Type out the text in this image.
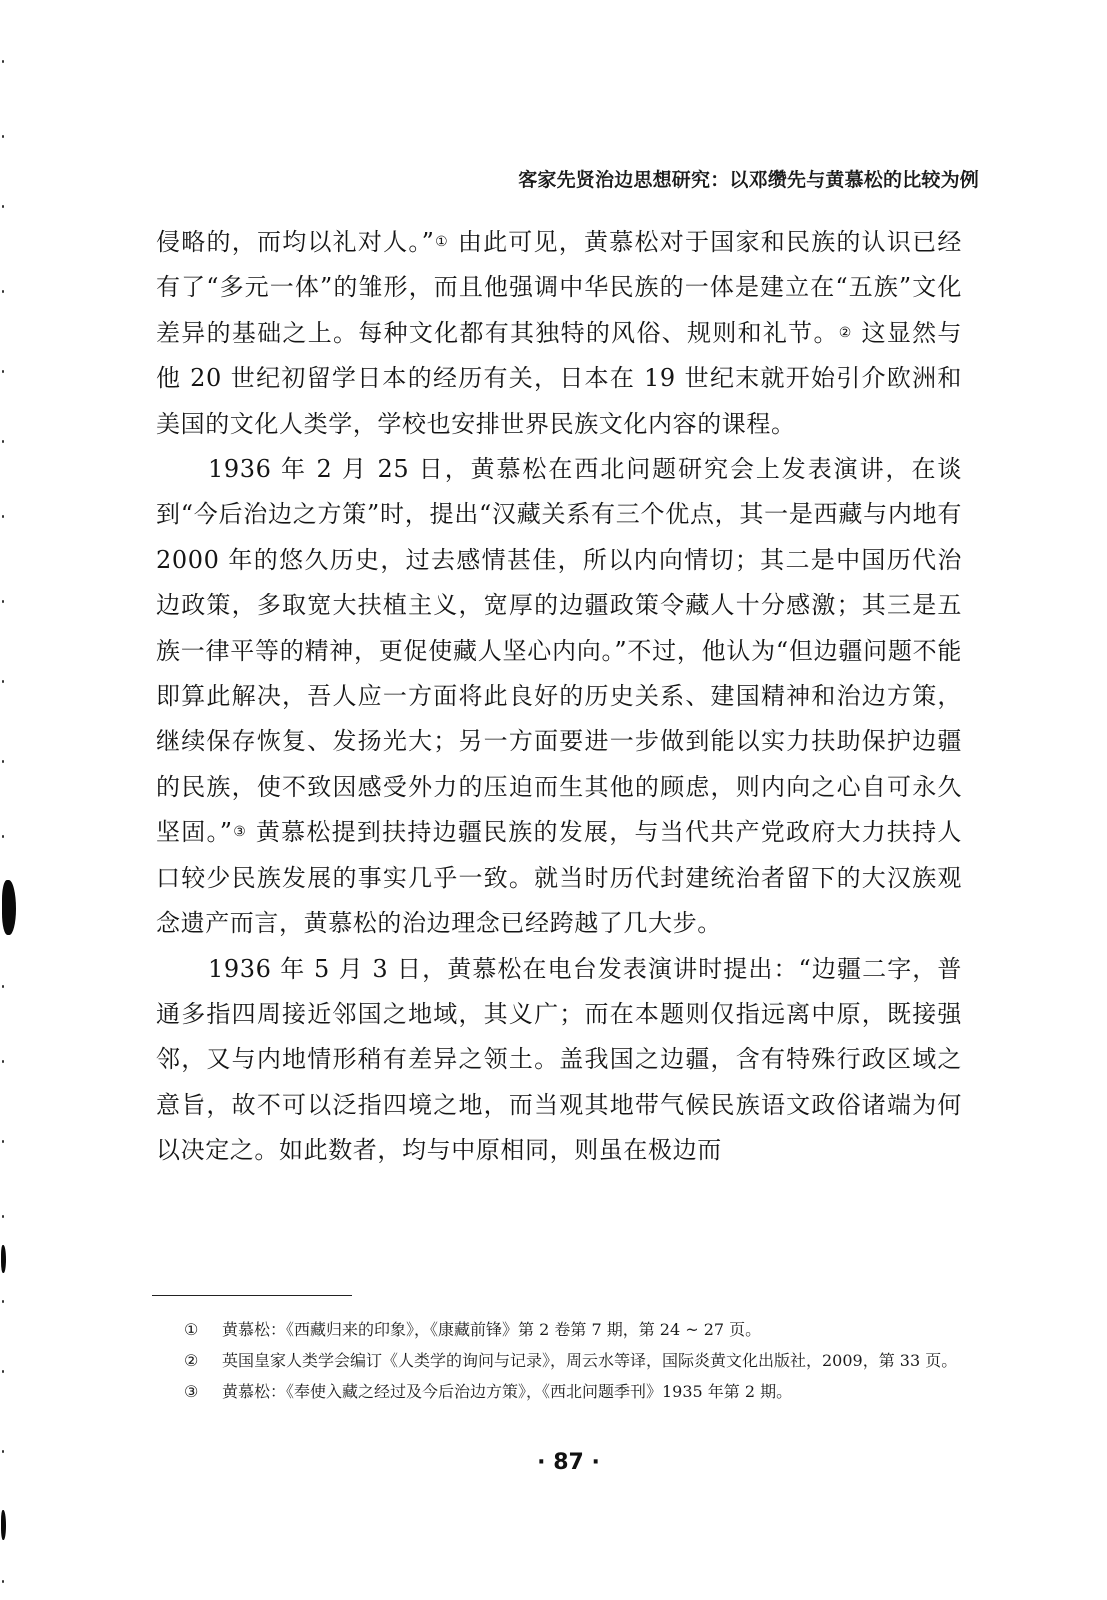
客家先贤治边思想研究：以邓缵先与黄慕松的比较为例

侵略的，而均以礼对人。”① 由此可见，黄慕松对于国家和民族的认识已经有了“多元一体”的雏形，而且他强调中华民族的一体是建立在“五族”文化差异的基础之上。每种文化都有其独特的风俗、规则和礼节。② 这显然与他 20 世纪初留学日本的经历有关，日本在 19 世纪末就开始引介欧洲和美国的文化人类学，学校也安排世界民族文化内容的课程。

1936 年 2 月 25 日，黄慕松在西北问题研究会上发表演讲，在谈到“今后治边之方策”时，提出“汉藏关系有三个优点，其一是西藏与内地有 2000 年的悠久历史，过去感情甚佳，所以内向情切；其二是中国历代治边政策，多取宽大扶植主义，宽厚的边疆政策令藏人十分感激；其三是五族一律平等的精神，更促使藏人坚心内向。”不过，他认为“但边疆问题不能即算此解决，吾人应一方面将此良好的历史关系、建国精神和治边方策，继续保存恢复、发扬光大；另一方面要进一步做到能以实力扶助保护边疆的民族，使不致因感受外力的压迫而生其他的顾虑，则内向之心自可永久坚固。”③ 黄慕松提到扶持边疆民族的发展，与当代共产党政府大力扶持人口较少民族发展的事实几乎一致。就当时历代封建统治者留下的大汉族观念遗产而言，黄慕松的治边理念已经跨越了几大步。

1936 年 5 月 3 日，黄慕松在电台发表演讲时提出：“边疆二字，普通多指四周接近邻国之地域，其义广；而在本题则仅指远离中原，既接强邻，又与内地情形稍有差异之领土。盖我国之边疆，含有特殊行政区域之意旨，故不可以泛指四境之地，而当观其地带气候民族语文政俗诸端为何以决定之。如此数者，均与中原相同，则虽在极边而

①	黄慕松：《西藏归来的印象》，《康藏前锋》第 2 卷第 7 期，第 24 ~ 27 页。
②	英国皇家人类学会编订《人类学的询问与记录》，周云水等译，国际炎黄文化出版社，2009，第 33 页。
③	黄慕松：《奉使入藏之经过及今后治边方策》，《西北问题季刊》1935 年第 2 期。
· 87 ·
